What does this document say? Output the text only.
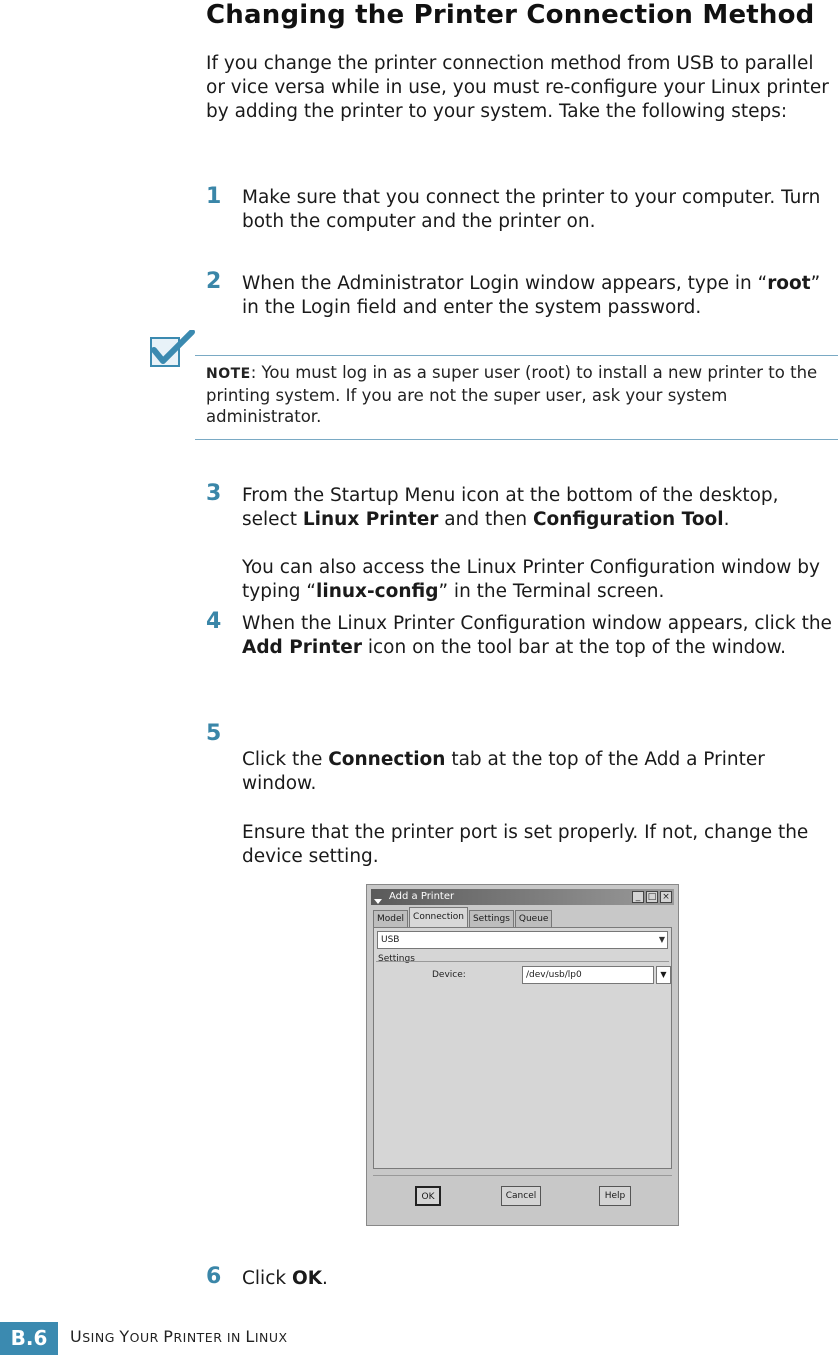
Changing the Printer Connection Method
If you change the printer connection method from USB to parallel or vice versa while in use, you must re-configure your Linux printer by adding the printer to your system. Take the following steps:
1 Make sure that you connect the printer to your computer. Turn both the computer and the printer on.
2 When the Administrator Login window appears, type in “root” in the Login field and enter the system password.
NOTE: You must log in as a super user (root) to install a new printer to the printing system. If you are not the super user, ask your system administrator.
3 From the Startup Menu icon at the bottom of the desktop, select Linux Printer and then Configuration Tool.
You can also access the Linux Printer Configuration window by typing “linux-config” in the Terminal screen.
4 When the Linux Printer Configuration window appears, click the Add Printer icon on the tool bar at the top of the window.
5
Click the Connection tab at the top of the Add a Printer window.
Ensure that the printer port is set properly. If not, change the device setting.
Add a Printer	_ □ ×
Model Connection Settings Queue
USB	▼
Settings
Device:	/dev/usb/lp0	▼
OK	Cancel	Help
6 Click OK.
B.6	USING YOUR PRINTER IN LINUX
